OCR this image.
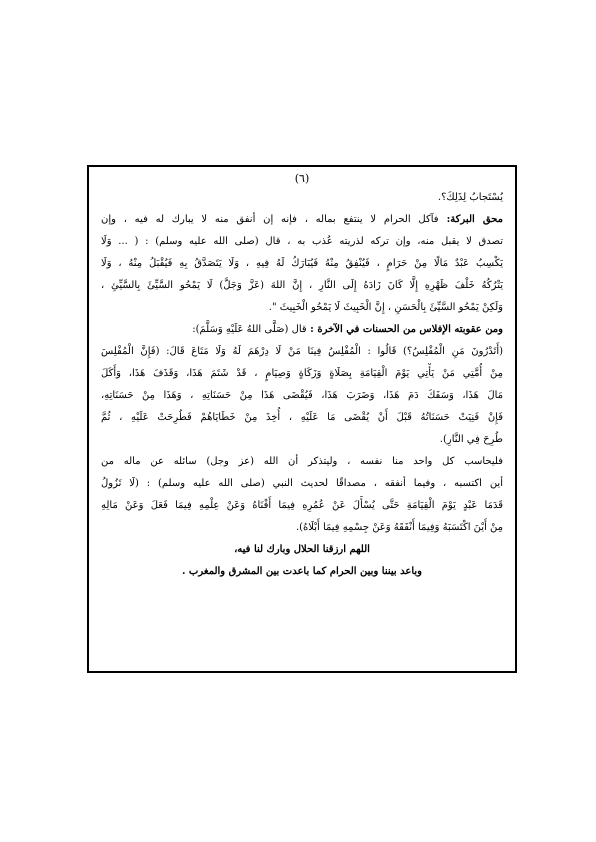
(٦)
يُسْتَجابُ لِذَلِكَ؟.
محق البركة: فآكل الحرام لا ينتفع بماله ، فإنه إن أنفق منه لا يبارك له فيه ، وإن
تصدق لا يقبل منه، وإن تركه لذريته عُذب به ، قال (صلى الله عليه وسلم) : ( ... وَلَا
يَكْسِبُ عَبْدٌ مَالًا مِنْ حَرَامٍ ، فَيُنْفِقُ مِنْهُ فَيُبَارَكُ لَهُ فِيهِ ، وَلَا يَتَصَدَّقُ بِهِ فَيُقْبَلُ مِنْهُ ، وَلَا
يَتْرُكُهُ خَلْفَ ظَهْرِهِ إِلَّا كَانَ زَادَهُ إِلَى النَّارِ ، إِنَّ اللهَ (عَزَّ وَجَلَّ) لَا يَمْحُو السَّيِّئَ بِالسَّيِّئِ ،
وَلَكِنْ يَمْحُو السَّيِّئَ بِالْحَسَنِ ، إِنَّ الْخَبِيثَ لَا يَمْحُو الْخَبِيثَ ".
ومن عقوبته الإفلاس من الحسنات في الآخرة : قال (صَلَّى اللهُ عَلَيْهِ وَسَلَّمَ):
(أَتَدْرُونَ مَنِ الْمُفْلِسُ؟) قَالُوا : الْمُفْلِسُ فِينَا مَنْ لَا دِرْهَمَ لَهُ وَلَا مَتَاعَ قَالَ: (فَإِنَّ الْمُفْلِسَ
مِنْ أُمَّتِي مَنْ يَأْتِي يَوْمَ الْقِيَامَةِ بِصَلَاةٍ وَزَكَاةٍ وَصِيَامٍ ، قَدْ شَتَمَ هَذَا، وَقَذَفَ هَذَا، وَأَكَلَ
مَالَ هَذَا، وَسَفَكَ دَمَ هَذَا، وَضَرَبَ هَذَا، فَيُقْضَى هَذَا مِنْ حَسَنَاتِهِ ، وَهَذَا مِنْ حَسَنَاتِهِ،
فَإِنْ فَنِيَتْ حَسَنَاتُهُ قَبْلَ أَنْ يُقْضَى مَا عَلَيْهِ ، أُخِذَ مِنْ خَطَايَاهُمْ فَطُرِحَتْ عَلَيْهِ ، ثُمَّ
طُرِحَ فِي النَّارِ).
فليحاسب كل واحد منا نفسه ، وليتذكر أن الله (عز وجل) سائله عن ماله من
أين اكتسبه ، وفيما أنفقه ، مصداقًا لحديث النبي (صلى الله عليه وسلم) : (لَا تَزُولُ
قَدَمَا عَبْدٍ يَوْمَ الْقِيَامَةِ حَتَّى يُسْأَلَ عَنْ عُمُرِهِ فِيمَا أَفْنَاهُ وَعَنْ عِلْمِهِ فِيمَا فَعَلَ وَعَنْ مَالِهِ
مِنْ أَيْنَ اكْتَسَبَهُ وَفِيمَا أَنْفَقَهُ وَعَنْ جِسْمِهِ فِيمَا أَبْلَاهُ).
اللهم ارزقنا الحلال وبارك لنا فيه،
وباعد بيننا وبين الحرام كما باعدت بين المشرق والمغرب .
